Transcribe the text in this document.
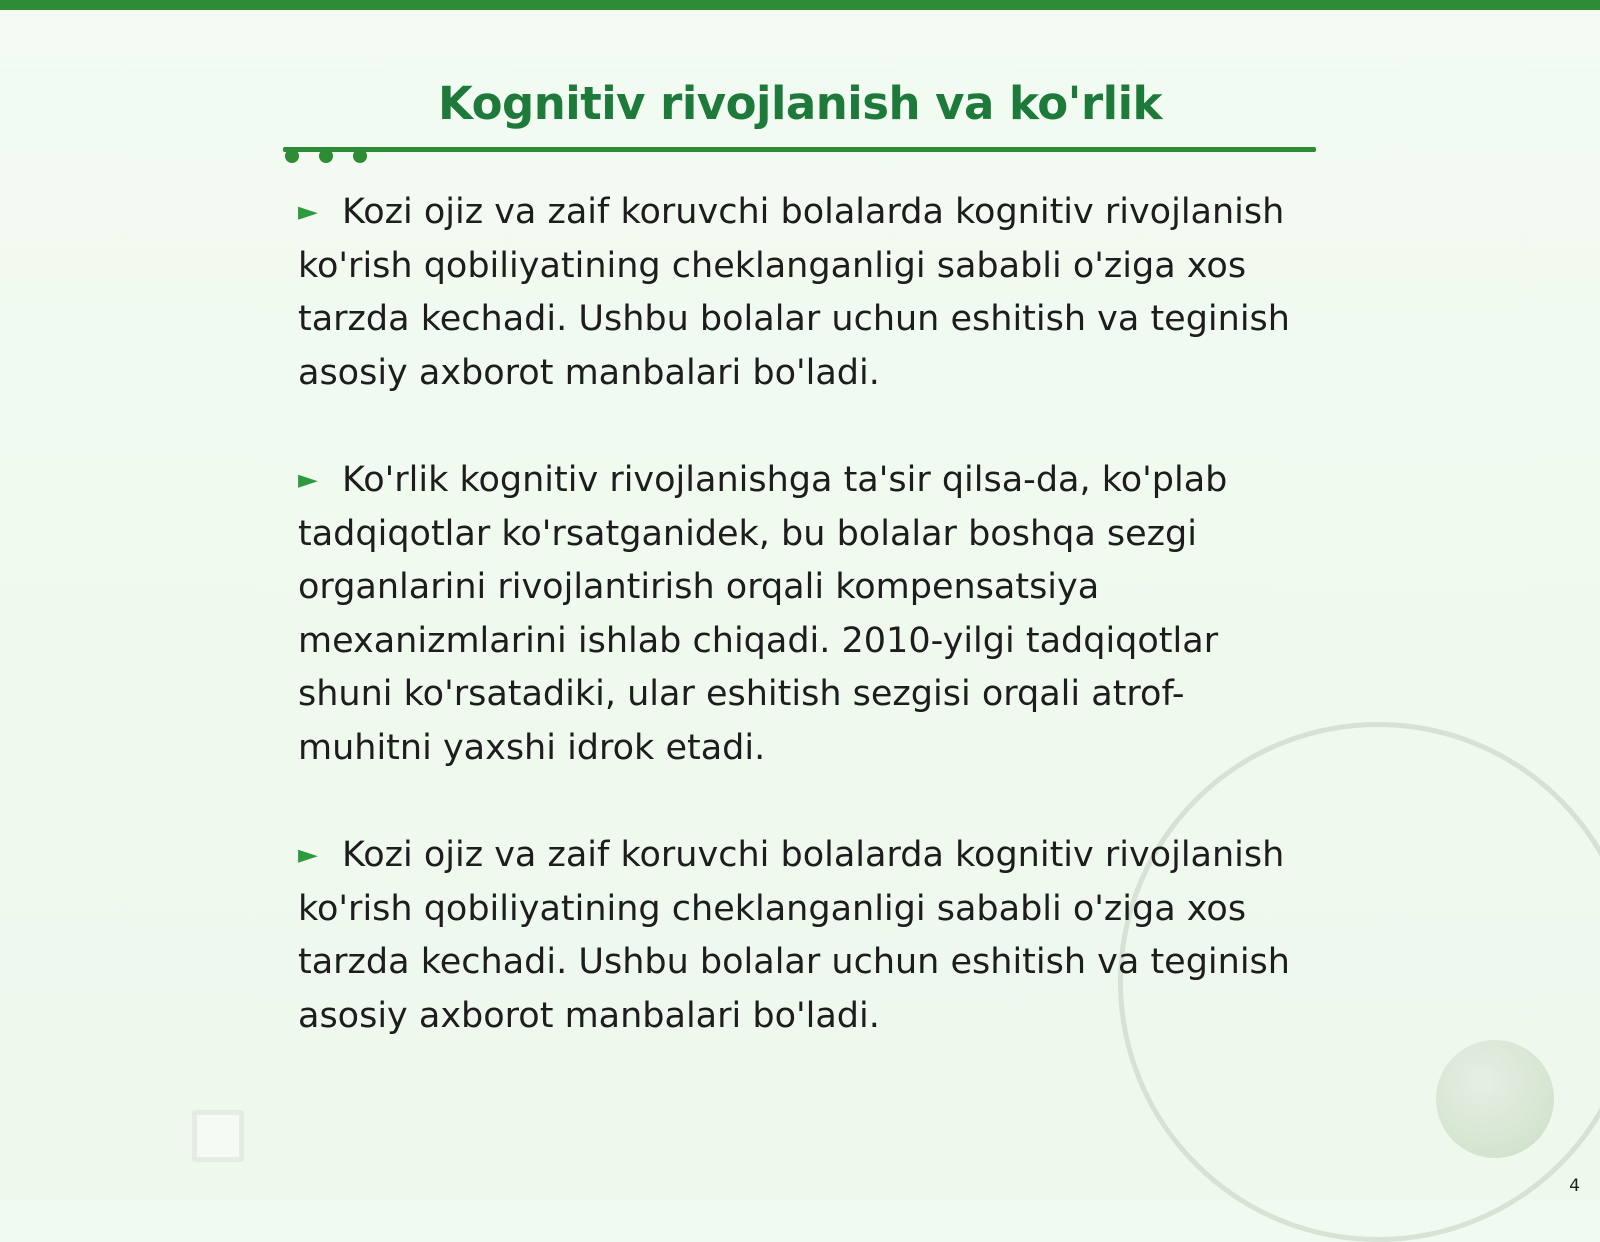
Kognitiv rivojlanish va ko'rlik
► Kozi ojiz va zaif koruvchi bolalarda kognitiv rivojlanish ko'rish qobiliyatining cheklanganligi sababli o'ziga xos tarzda kechadi. Ushbu bolalar uchun eshitish va teginish asosiy axborot manbalari bo'ladi.
► Ko'rlik kognitiv rivojlanishga ta'sir qilsa-da, ko'plab tadqiqotlar ko'rsatganidek, bu bolalar boshqa sezgi organlarini rivojlantirish orqali kompensatsiya mexanizmlarini ishlab chiqadi. 2010-yilgi tadqiqotlar shuni ko'rsatadiki, ular eshitish sezgisi orqali atrof-muhitni yaxshi idrok etadi.
► Kozi ojiz va zaif koruvchi bolalarda kognitiv rivojlanish ko'rish qobiliyatining cheklanganligi sababli o'ziga xos tarzda kechadi. Ushbu bolalar uchun eshitish va teginish asosiy axborot manbalari bo'ladi.
4
